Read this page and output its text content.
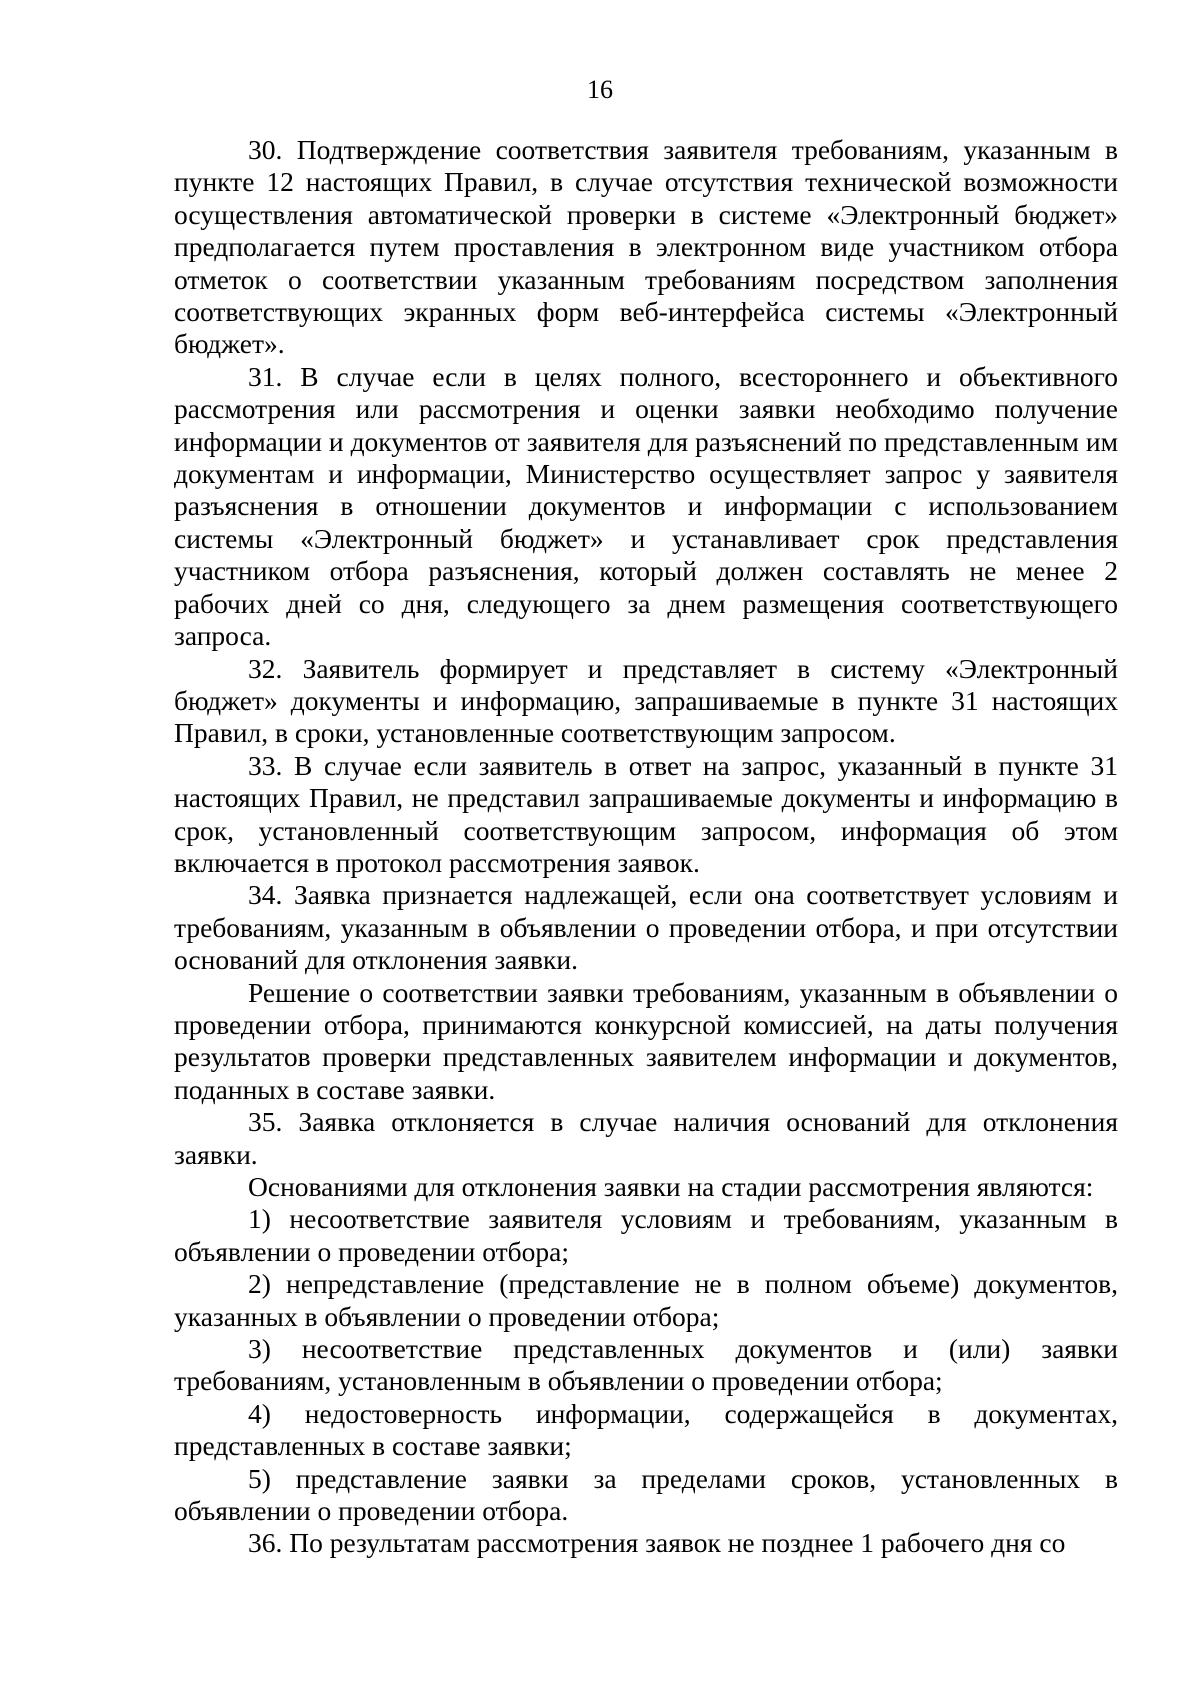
16

30. Подтверждение соответствия заявителя требованиям, указанным в пункте 12 настоящих Правил, в случае отсутствия технической возможности осуществления автоматической проверки в системе «Электронный бюджет» предполагается путем проставления в электронном виде участником отбора отметок о соответствии указанным требованиям посредством заполнения соответствующих экранных форм веб-интерфейса системы «Электронный бюджет».

31. В случае если в целях полного, всестороннего и объективного рассмотрения или рассмотрения и оценки заявки необходимо получение информации и документов от заявителя для разъяснений по представленным им документам и информации, Министерство осуществляет запрос у заявителя разъяснения в отношении документов и информации с использованием системы «Электронный бюджет» и устанавливает срок представления участником отбора разъяснения, который должен составлять не менее 2 рабочих дней со дня, следующего за днем размещения соответствующего запроса.

32. Заявитель формирует и представляет в систему «Электронный бюджет» документы и информацию, запрашиваемые в пункте 31 настоящих Правил, в сроки, установленные соответствующим запросом.

33. В случае если заявитель в ответ на запрос, указанный в пункте 31 настоящих Правил, не представил запрашиваемые документы и информацию в срок, установленный соответствующим запросом, информация об этом включается в протокол рассмотрения заявок.

34. Заявка признается надлежащей, если она соответствует условиям и требованиям, указанным в объявлении о проведении отбора, и при отсутствии оснований для отклонения заявки.

Решение о соответствии заявки требованиям, указанным в объявлении о проведении отбора, принимаются конкурсной комиссией, на даты получения результатов проверки представленных заявителем информации и документов, поданных в составе заявки.

35. Заявка отклоняется в случае наличия оснований для отклонения заявки.

Основаниями для отклонения заявки на стадии рассмотрения являются:

1) несоответствие заявителя условиям и требованиям, указанным в объявлении о проведении отбора;

2) непредставление (представление не в полном объеме) документов, указанных в объявлении о проведении отбора;

3) несоответствие представленных документов и (или) заявки требованиям, установленным в объявлении о проведении отбора;

4) недостоверность информации, содержащейся в документах, представленных в составе заявки;

5) представление заявки за пределами сроков, установленных в объявлении о проведении отбора.

36. По результатам рассмотрения заявок не позднее 1 рабочего дня со
